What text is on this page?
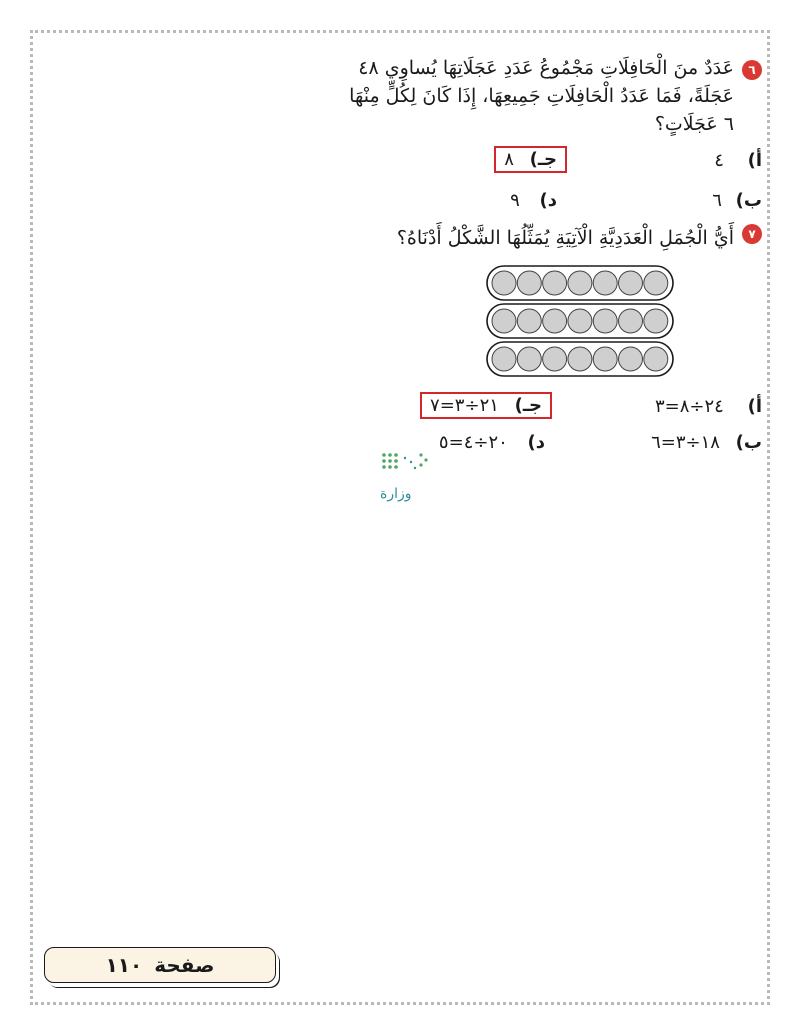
٦
عَدَدٌ منَ الْحَافِلَاتِ مَجْمُوعُ عَدَدِ عَجَلَاتِهَا يُساوِي ٤٨ عَجَلَةً، فَمَا عَدَدُ الْحَافِلَاتِ جَمِيعِهَا، إِذَا كَانَ لِكُلٍّ مِنْهَا ٦ عَجَلَاتٍ؟
أ) ٤
جـ) ٨
ب) ٦
د) ٩
٧
أَيُّ الْجُمَلِ الْعَدَدِيَّةِ الْآتِيَةِ يُمَثِّلُهَا الشَّكْلُ أَدْنَاهُ؟
أ) ٢٤÷٨=٣
جـ) ٢١÷٣=٧
ب) ١٨÷٣=٦
د) ٢٠÷٤=٥
وزارة
صفحة
١١٠
